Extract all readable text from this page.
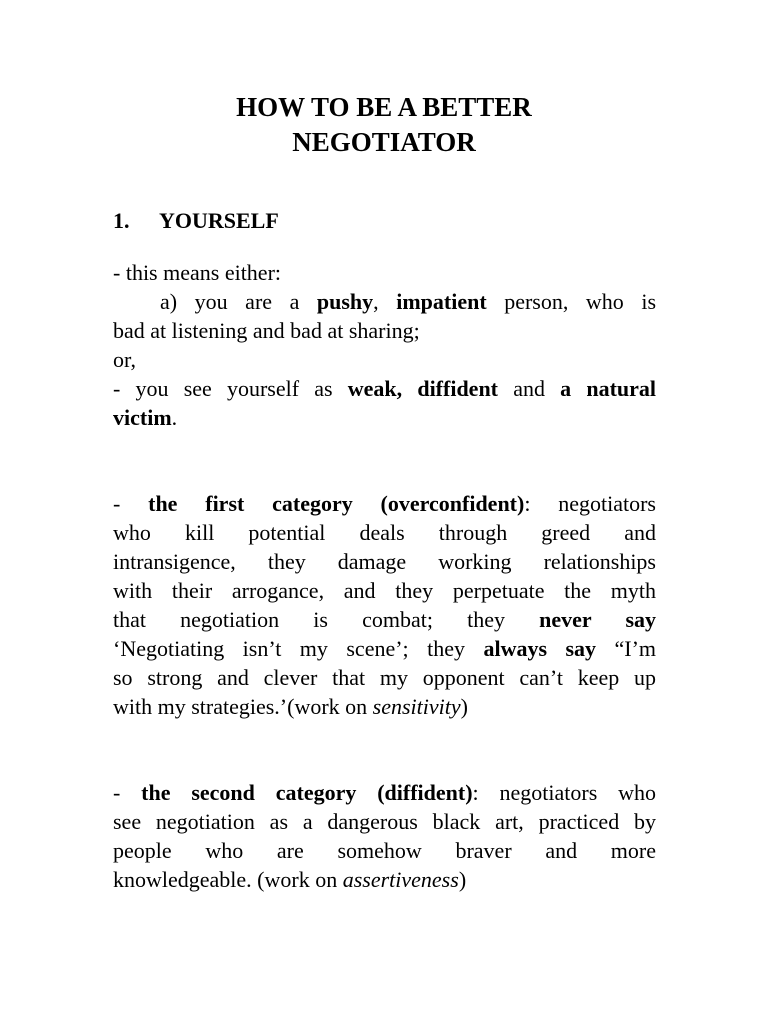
HOW TO BE A BETTER
NEGOTIATOR
1. YOURSELF
- this means either:
a) you are a pushy, impatient person, who is
bad at listening and bad at sharing;
or,
- you see yourself as weak, diffident and a natural
victim.
- the first category (overconfident): negotiators
who kill potential deals through greed and
intransigence, they damage working relationships
with their arrogance, and they perpetuate the myth
that negotiation is combat; they never say
‘Negotiating isn’t my scene’; they always say “I’m
so strong and clever that my opponent can’t keep up
with my strategies.’(work on sensitivity)
- the second category (diffident): negotiators who
see negotiation as a dangerous black art, practiced by
people who are somehow braver and more
knowledgeable. (work on assertiveness)
